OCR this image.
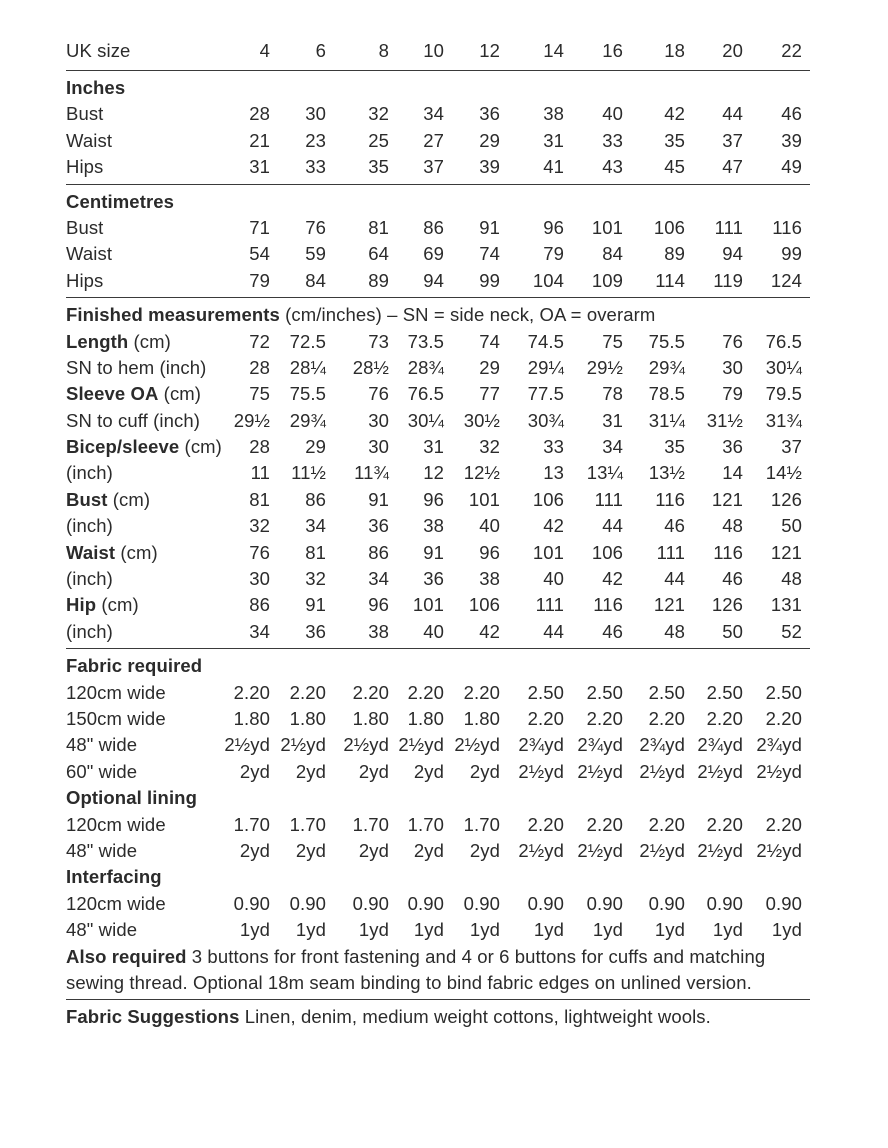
UK size	4	6	8	10	12	14	16	18	20	22
Inches
Bust	28	30	32	34	36	38	40	42	44	46
Waist	21	23	25	27	29	31	33	35	37	39
Hips	31	33	35	37	39	41	43	45	47	49
Centimetres
Bust	71	76	81	86	91	96	101	106	111	116
Waist	54	59	64	69	74	79	84	89	94	99
Hips	79	84	89	94	99	104	109	114	119	124
Finished measurements (cm/inches) – SN = side neck, OA = overarm
Length (cm)	72	72.5	73	73.5	74	74.5	75	75.5	76	76.5
SN to hem (inch)	28	28¼	28½	28¾	29	29¼	29½	29¾	30	30¼
Sleeve OA (cm)	75	75.5	76	76.5	77	77.5	78	78.5	79	79.5
SN to cuff (inch)	29½	29¾	30	30¼	30½	30¾	31	31¼	31½	31¾
Bicep/sleeve (cm)	28	29	30	31	32	33	34	35	36	37
(inch)	11	11½	11¾	12	12½	13	13¼	13½	14	14½
Bust (cm)	81	86	91	96	101	106	111	116	121	126
(inch)	32	34	36	38	40	42	44	46	48	50
Waist (cm)	76	81	86	91	96	101	106	111	116	121
(inch)	30	32	34	36	38	40	42	44	46	48
Hip (cm)	86	91	96	101	106	111	116	121	126	131
(inch)	34	36	38	40	42	44	46	48	50	52
Fabric required
120cm wide	2.20	2.20	2.20	2.20	2.20	2.50	2.50	2.50	2.50	2.50
150cm wide	1.80	1.80	1.80	1.80	1.80	2.20	2.20	2.20	2.20	2.20
48" wide	2½yd 2½yd 2½yd 2½yd 2½yd 2¾yd 2¾yd 2¾yd 2¾yd 2¾yd
60" wide	2yd	2yd	2yd	2yd	2yd 2½yd 2½yd 2½yd 2½yd 2½yd
Optional lining
120cm wide	1.70	1.70	1.70	1.70	1.70	2.20	2.20	2.20	2.20	2.20
48" wide	2yd	2yd	2yd	2yd	2yd 2½yd 2½yd 2½yd 2½yd 2½yd
Interfacing
120cm wide	0.90	0.90	0.90	0.90	0.90	0.90	0.90	0.90	0.90	0.90
48" wide	1yd	1yd	1yd	1yd	1yd	1yd	1yd	1yd	1yd	1yd
Also required 3 buttons for front fastening and 4 or 6 buttons for cuffs and matching sewing thread. Optional 18m seam binding to bind fabric edges on unlined version.
Fabric Suggestions Linen, denim, medium weight cottons, lightweight wools.
